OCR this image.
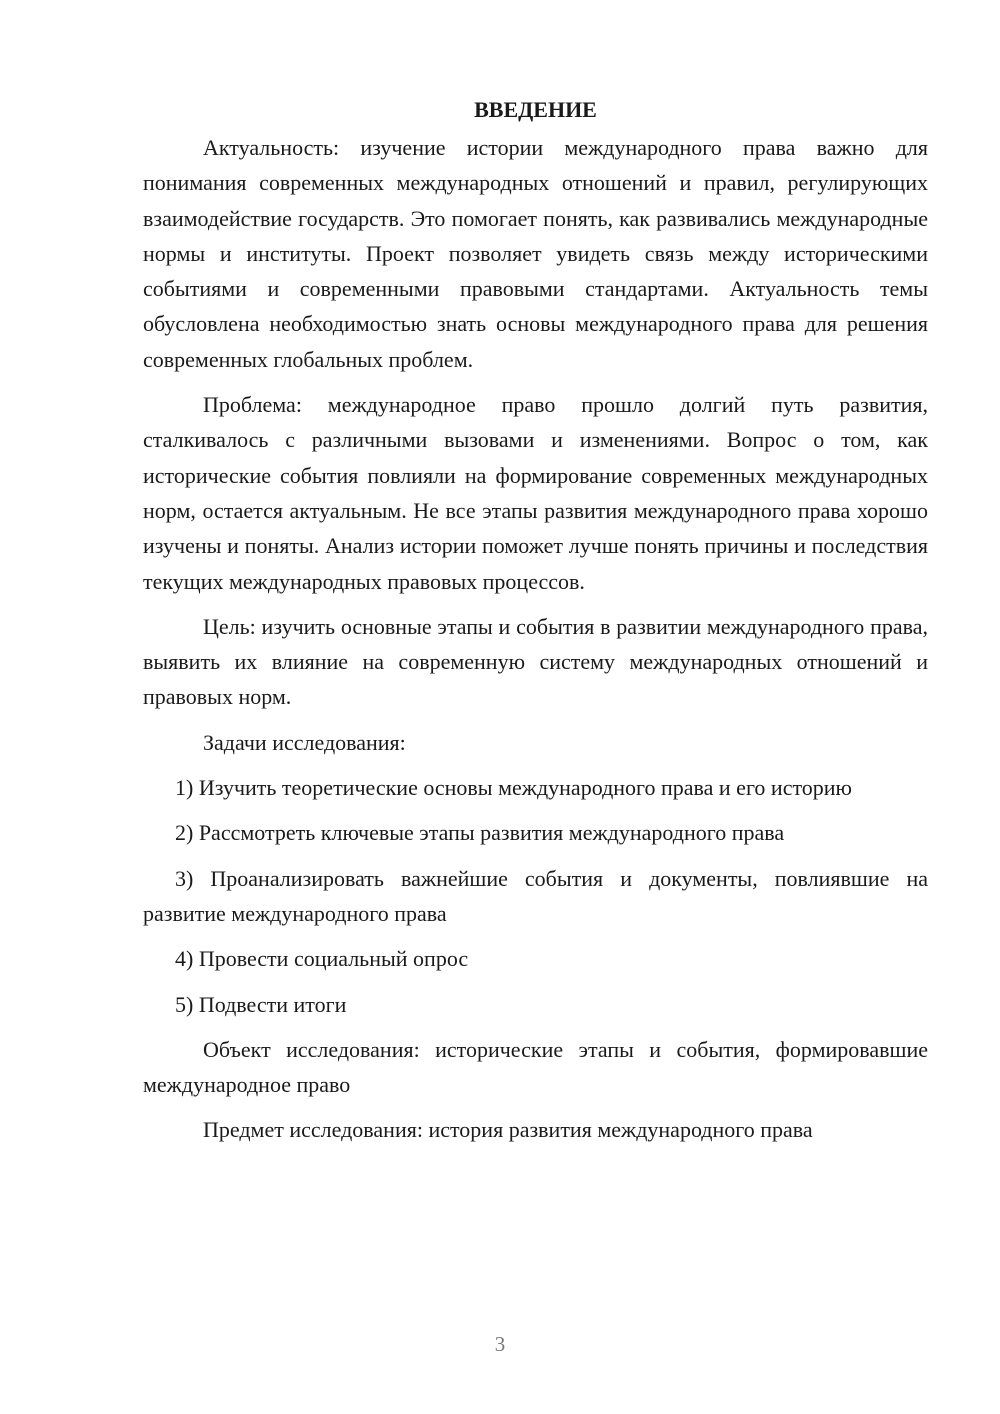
ВВЕДЕНИЕ

Актуальность: изучение истории международного права важно для понимания современных международных отношений и правил, регулирующих взаимодействие государств. Это помогает понять, как развивались международные нормы и институты. Проект позволяет увидеть связь между историческими событиями и современными правовыми стандартами. Актуальность темы обусловлена необходимостью знать основы международного права для решения современных глобальных проблем.

Проблема: международное право прошло долгий путь развития, сталкивалось с различными вызовами и изменениями. Вопрос о том, как исторические события повлияли на формирование современных международных норм, остается актуальным. Не все этапы развития международного права хорошо изучены и поняты. Анализ истории поможет лучше понять причины и последствия текущих международных правовых процессов.

Цель: изучить основные этапы и события в развитии международного права, выявить их влияние на современную систему международных отношений и правовых норм.

Задачи исследования:

1) Изучить теоретические основы международного права и его историю

2) Рассмотреть ключевые этапы развития международного права

3) Проанализировать важнейшие события и документы, повлиявшие на развитие международного права

4) Провести социальный опрос

5) Подвести итоги

Объект исследования: исторические этапы и события, формировавшие международное право

Предмет исследования: история развития международного права

3
